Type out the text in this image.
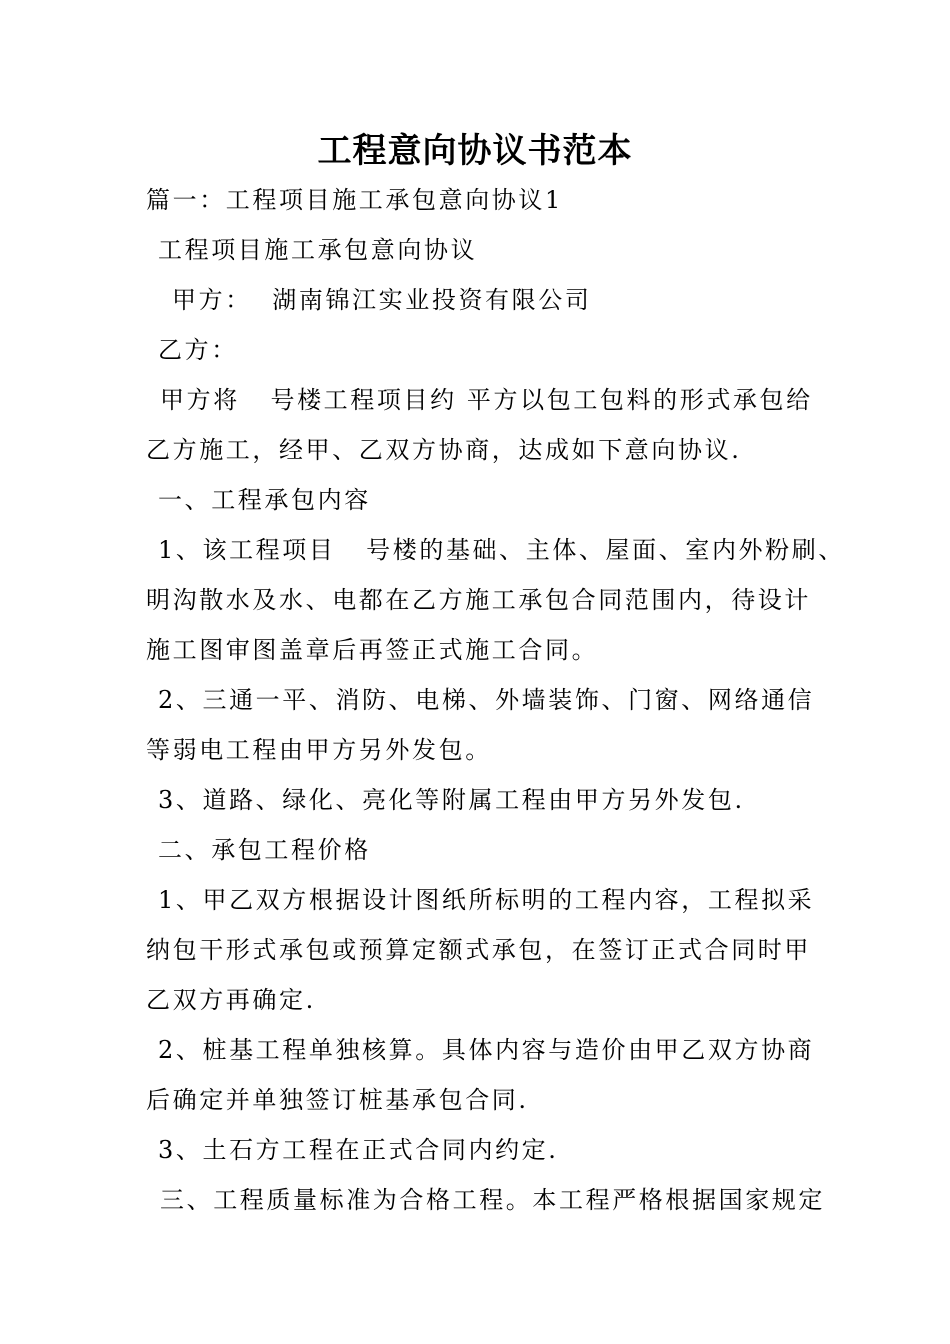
工程意向协议书范本
篇一：工程项目施工承包意向协议1
工程项目施工承包意向协议
甲方：  湖南锦江实业投资有限公司
乙方：
甲方将   号楼工程项目约 平方以包工包料的形式承包给
乙方施工，经甲、乙双方协商，达成如下意向协议.
一、工程承包内容
1、该工程项目   号楼的基础、主体、屋面、室内外粉刷、
明沟散水及水、电都在乙方施工承包合同范围内，待设计
施工图审图盖章后再签正式施工合同。
2、三通一平、消防、电梯、外墙装饰、门窗、网络通信
等弱电工程由甲方另外发包。
3、道路、绿化、亮化等附属工程由甲方另外发包.
二、承包工程价格
1、甲乙双方根据设计图纸所标明的工程内容，工程拟采
纳包干形式承包或预算定额式承包，在签订正式合同时甲
乙双方再确定.
2、桩基工程单独核算。具体内容与造价由甲乙双方协商
后确定并单独签订桩基承包合同.
3、土石方工程在正式合同内约定.
三、工程质量标准为合格工程。本工程严格根据国家规定
